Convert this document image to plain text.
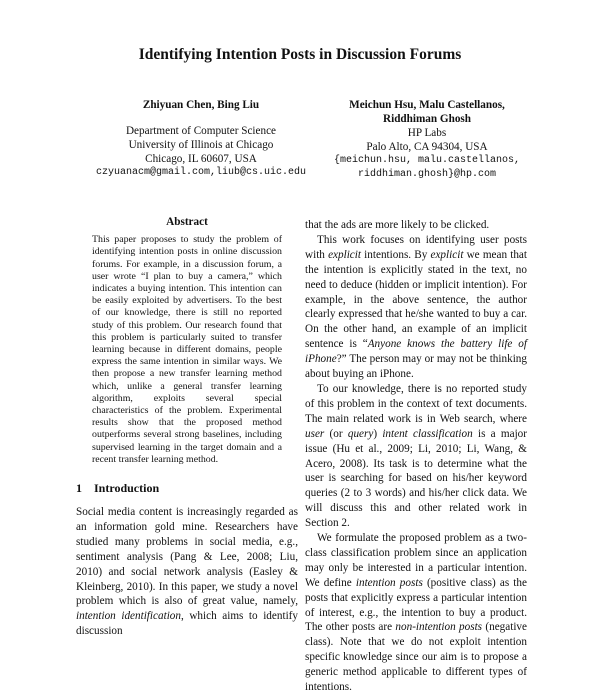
Identifying Intention Posts in Discussion Forums
Zhiyuan Chen, Bing Liu
Department of Computer Science
University of Illinois at Chicago
Chicago, IL 60607, USA
czyuanacm@gmail.com,liub@cs.uic.edu
Meichun Hsu, Malu Castellanos,
Riddhiman Ghosh
HP Labs
Palo Alto, CA 94304, USA
{meichun.hsu, malu.castellanos,
riddhiman.ghosh}@hp.com
Abstract

This paper proposes to study the problem of identifying intention posts in online discussion forums. For example, in a discussion forum, a user wrote “I plan to buy a camera,” which indicates a buying intention. This intention can be easily exploited by advertisers. To the best of our knowledge, there is still no reported study of this problem. Our research found that this problem is particularly suited to transfer learning because in different domains, people express the same intention in similar ways. We then propose a new transfer learning method which, unlike a general transfer learning algorithm, exploits several special characteristics of the problem. Experimental results show that the proposed method outperforms several strong baselines, including supervised learning in the target domain and a recent transfer learning method.

1 Introduction

Social media content is increasingly regarded as an information gold mine. Researchers have studied many problems in social media, e.g., sentiment analysis (Pang & Lee, 2008; Liu, 2010) and social network analysis (Easley & Kleinberg, 2010). In this paper, we study a novel problem which is also of great value, namely, intention identification, which aims to identify discussion

that the ads are more likely to be clicked.

This work focuses on identifying user posts with explicit intentions. By explicit we mean that the intention is explicitly stated in the text, no need to deduce (hidden or implicit intention). For example, in the above sentence, the author clearly expressed that he/she wanted to buy a car. On the other hand, an example of an implicit sentence is “Anyone knows the battery life of iPhone?” The person may or may not be thinking about buying an iPhone.

To our knowledge, there is no reported study of this problem in the context of text documents. The main related work is in Web search, where user (or query) intent classification is a major issue (Hu et al., 2009; Li, 2010; Li, Wang, & Acero, 2008). Its task is to determine what the user is searching for based on his/her keyword queries (2 to 3 words) and his/her click data. We will discuss this and other related work in Section 2.

We formulate the proposed problem as a two-class classification problem since an application may only be interested in a particular intention. We define intention posts (positive class) as the posts that explicitly express a particular intention of interest, e.g., the intention to buy a product. The other posts are non-intention posts (negative class). Note that we do not exploit intention specific knowledge since our aim is to propose a generic method applicable to different types of intentions.
